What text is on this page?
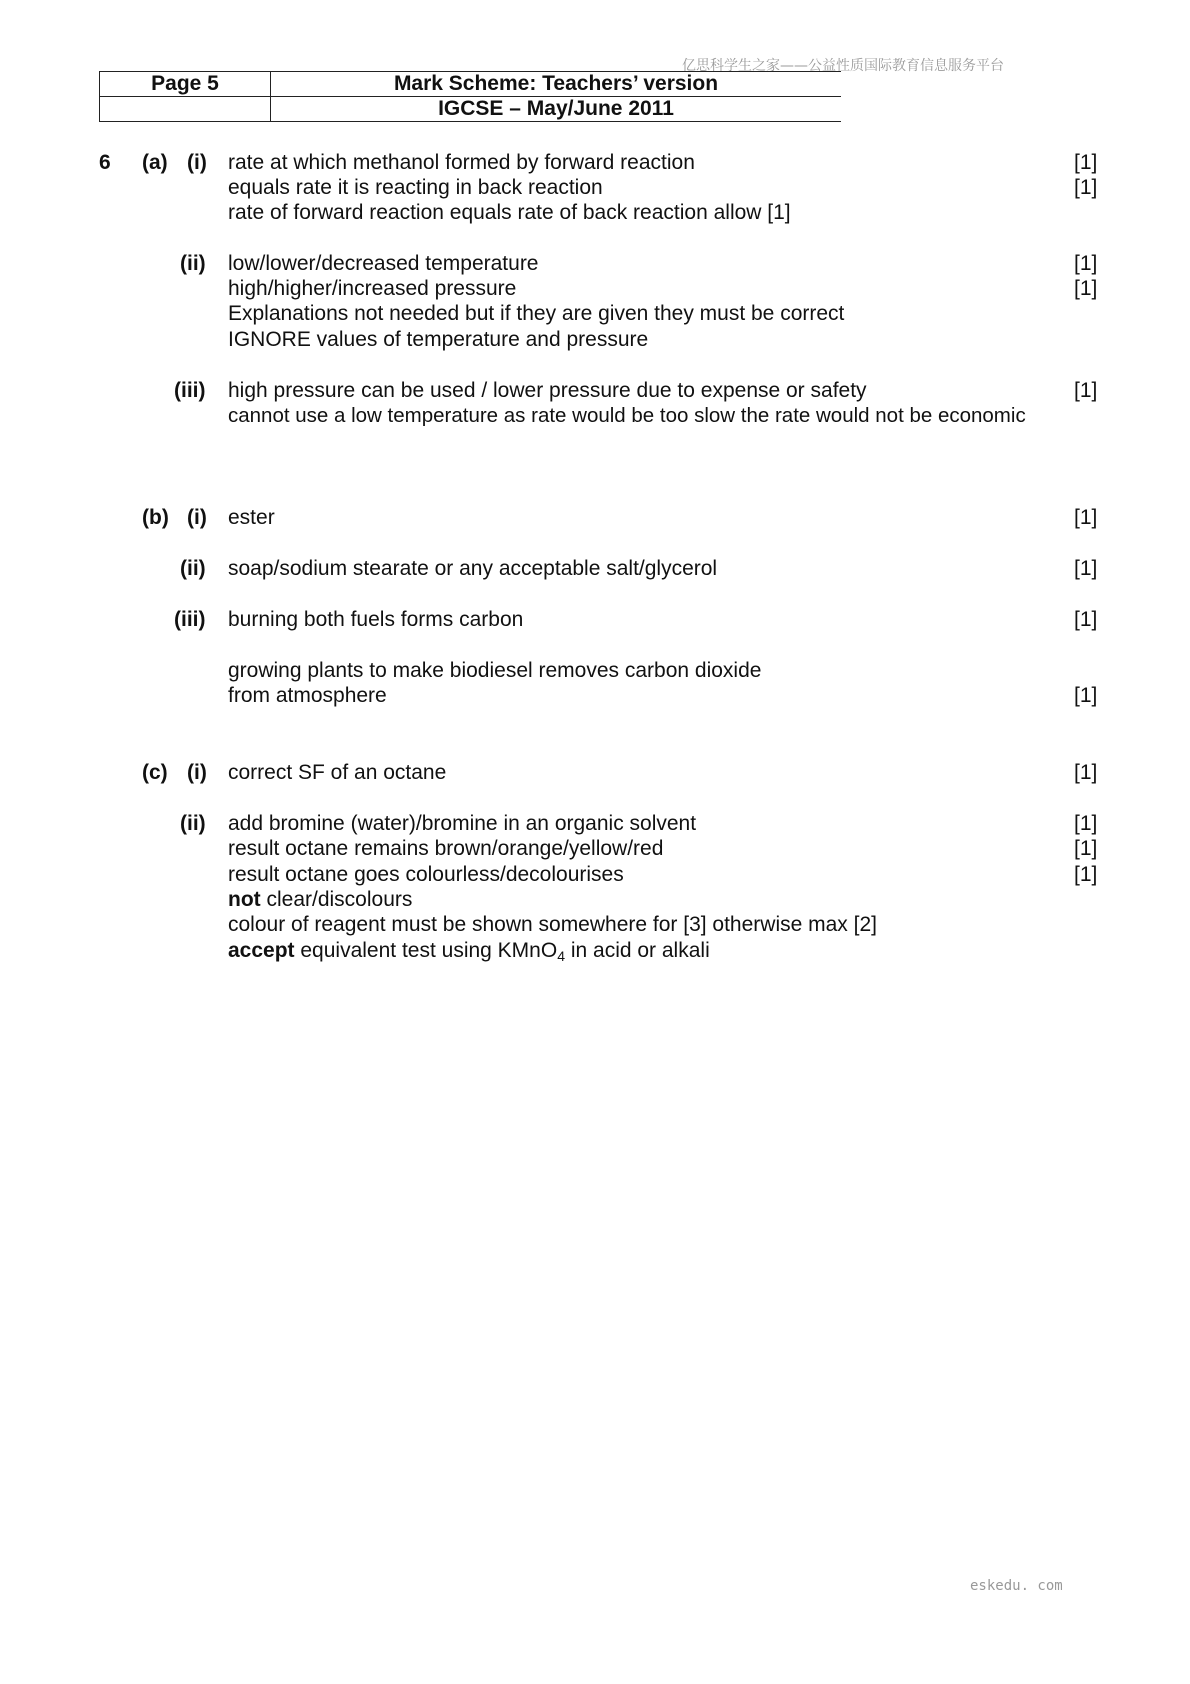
亿思科学生之家——公益性质国际教育信息服务平台
Page 5	Mark Scheme: Teachers’ version
	IGCSE – May/June 2011
6 (a) (i) rate at which methanol formed by forward reaction	[1]
equals rate it is reacting in back reaction	[1]
rate of forward reaction equals rate of back reaction allow [1]
(ii) low/lower/decreased temperature	[1]
high/higher/increased pressure	[1]
Explanations not needed but if they are given they must be correct
IGNORE values of temperature and pressure
(iii) high pressure can be used / lower pressure due to expense or safety	[1]
cannot use a low temperature as rate would be too slow the rate would not be economic
(b) (i) ester	[1]
(ii) soap/sodium stearate or any acceptable salt/glycerol	[1]
(iii) burning both fuels forms carbon	[1]
growing plants to make biodiesel removes carbon dioxide
from atmosphere	[1]
(c) (i) correct SF of an octane	[1]
(ii) add bromine (water)/bromine in an organic solvent	[1]
result octane remains brown/orange/yellow/red	[1]
result octane goes colourless/decolourises	[1]
not clear/discolours
colour of reagent must be shown somewhere for [3] otherwise max [2]
accept equivalent test using KMnO$_4$ in acid or alkali
eskedu. com
